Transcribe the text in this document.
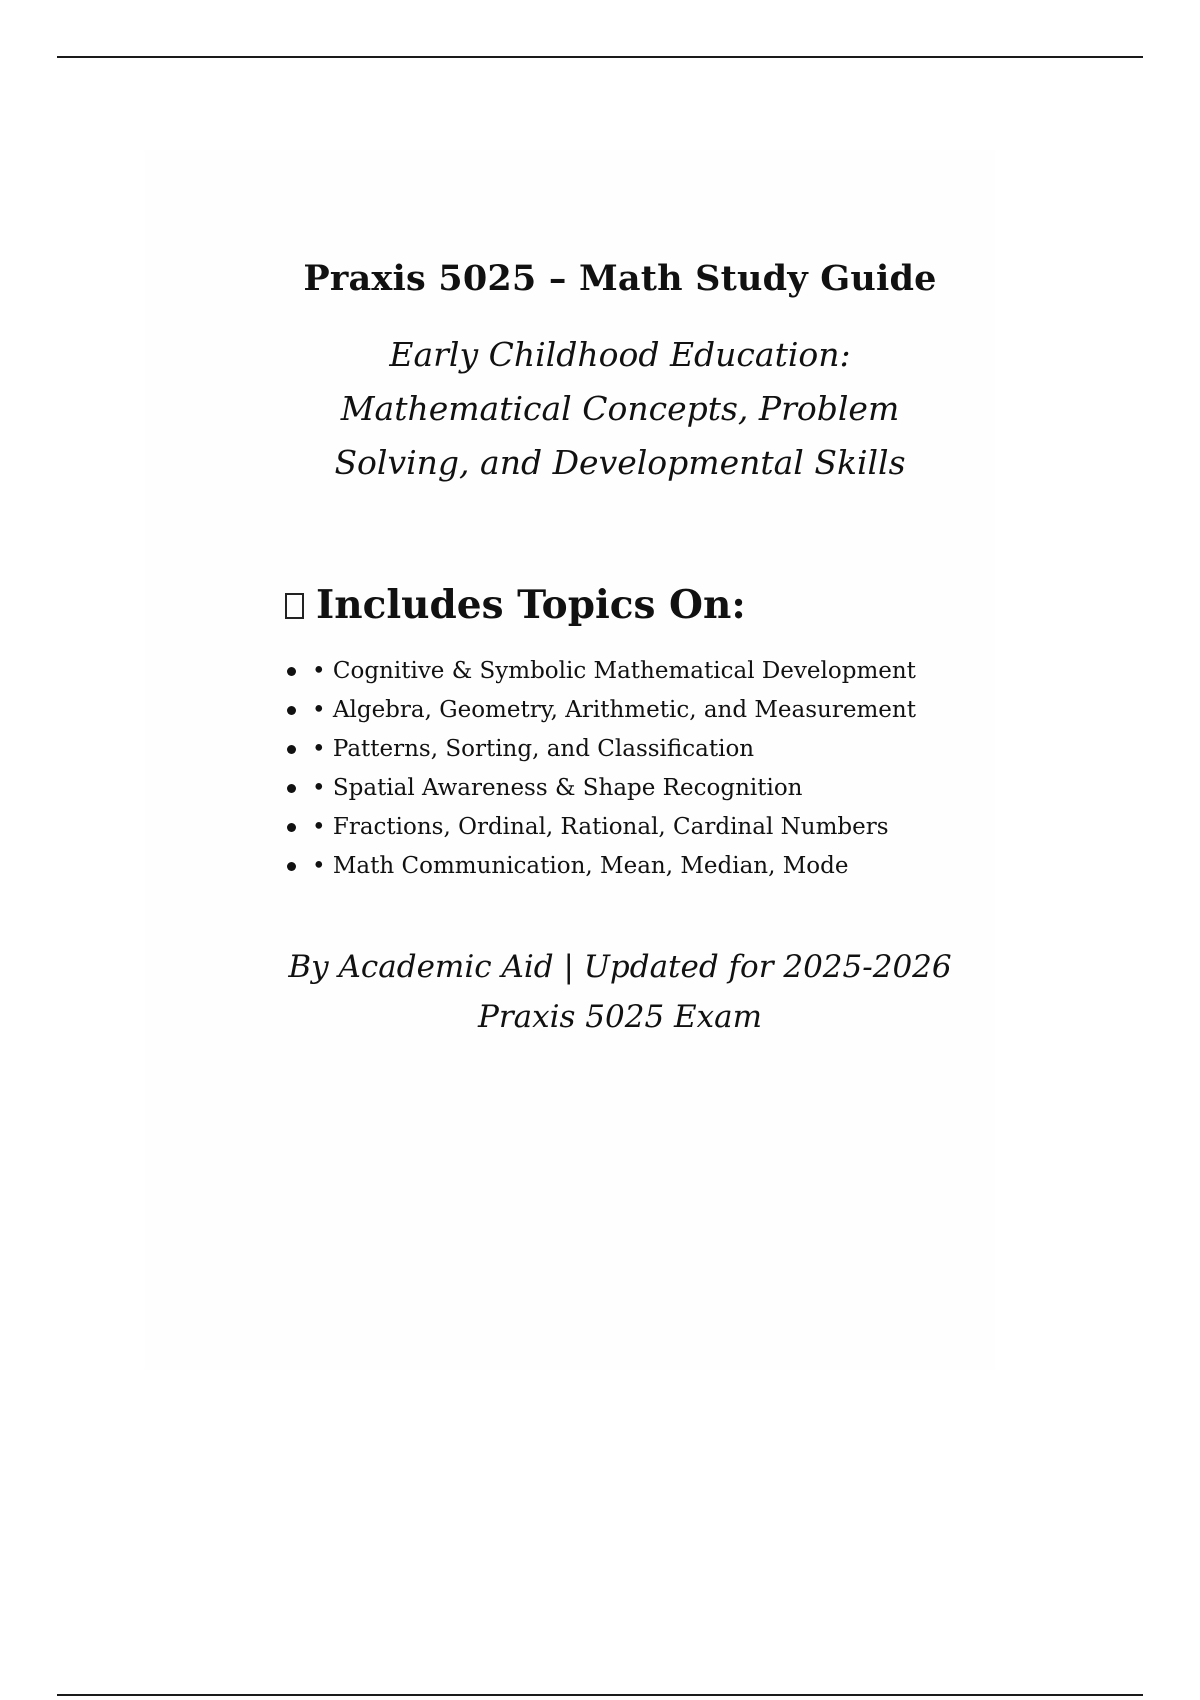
Praxis 5025 – Math Study Guide
Early Childhood Education:
Mathematical Concepts, Problem
Solving, and Developmental Skills
Includes Topics On:
• Cognitive & Symbolic Mathematical Development
• Algebra, Geometry, Arithmetic, and Measurement
• Patterns, Sorting, and Classification
• Spatial Awareness & Shape Recognition
• Fractions, Ordinal, Rational, Cardinal Numbers
• Math Communication, Mean, Median, Mode
By Academic Aid | Updated for 2025-2026
Praxis 5025 Exam
